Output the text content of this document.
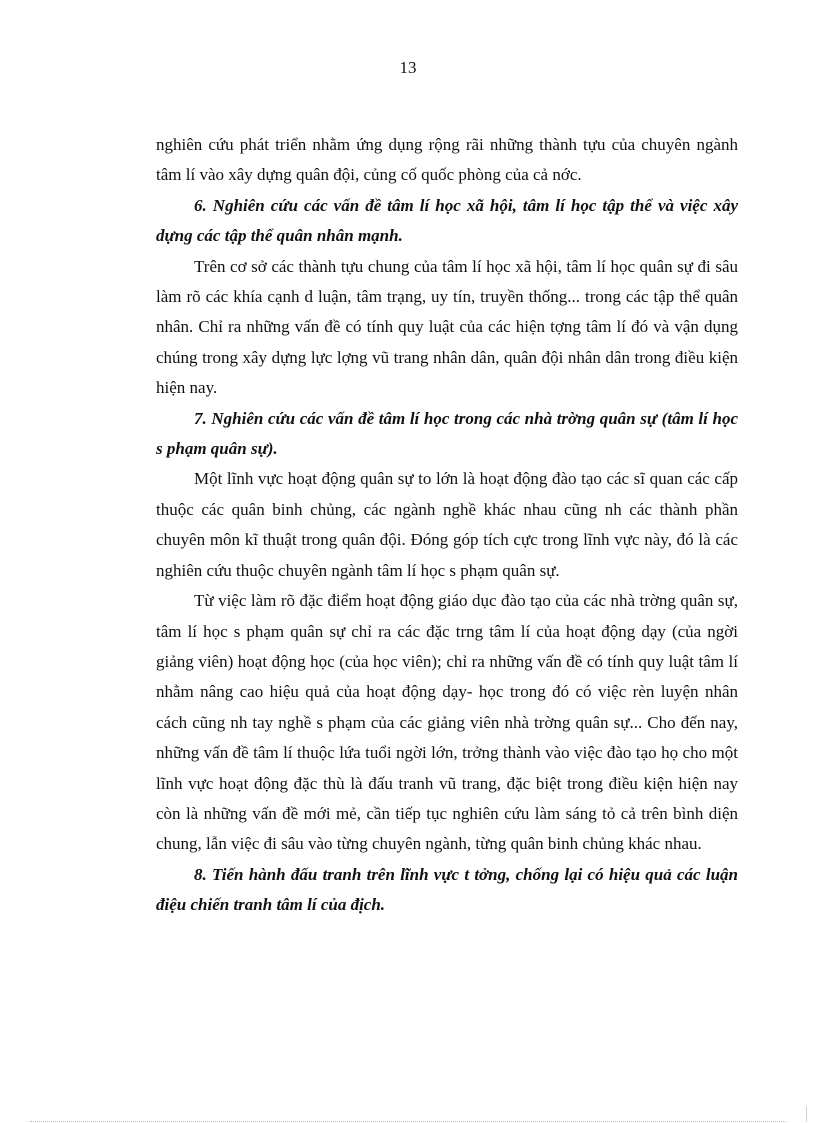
13

nghiên cứu phát triển nhằm ứng dụng rộng rãi những thành tựu của chuyên ngành tâm lí vào xây dựng quân đội, củng cố quốc phòng của cả nớc.

6. Nghiên cứu các vấn đề tâm lí học xã hội, tâm lí học tập thể và việc xây dựng các tập thể quân nhân mạnh.

Trên cơ sở các thành tựu chung của tâm lí học xã hội, tâm lí học quân sự đi sâu làm rõ các khía cạnh d luận, tâm trạng, uy tín, truyền thống... trong các tập thể quân nhân. Chỉ ra những vấn đề có tính quy luật của các hiện tợng tâm lí đó và vận dụng chúng trong xây dựng lực lợng vũ trang nhân dân, quân đội nhân dân trong điều kiện hiện nay.

7. Nghiên cứu các vấn đề tâm lí học trong các nhà trờng quân sự (tâm lí học s phạm quân sự).

Một lĩnh vực hoạt động quân sự to lớn là hoạt động đào tạo các sĩ quan các cấp thuộc các quân binh chủng, các ngành nghề khác nhau cũng nh các thành phần chuyên môn kĩ thuật trong quân đội. Đóng góp tích cực trong lĩnh vực này, đó là các nghiên cứu thuộc chuyên ngành tâm lí học s phạm quân sự.

Từ việc làm rõ đặc điểm hoạt động giáo dục đào tạo của các nhà trờng quân sự, tâm lí học s phạm quân sự chỉ ra các đặc trng tâm lí của hoạt động dạy (của ngời giảng viên) hoạt động học (của học viên); chỉ ra những vấn đề có tính quy luật tâm lí nhằm nâng cao hiệu quả của hoạt động dạy- học trong đó có việc rèn luyện nhân cách cũng nh tay nghề s phạm của các giảng viên nhà trờng quân sự... Cho đến nay, những vấn đề tâm lí thuộc lứa tuổi ngời lớn, trởng thành vào việc đào tạo họ cho một lĩnh vực hoạt động đặc thù là đấu tranh vũ trang, đặc biệt trong điều kiện hiện nay còn là những vấn đề mới mẻ, cần tiếp tục nghiên cứu làm sáng tỏ cả trên bình diện chung, lẫn việc đi sâu vào từng chuyên ngành, từng quân binh chủng khác nhau.

8. Tiến hành đấu tranh trên lĩnh vực t tởng, chống lại có hiệu quả các luận điệu chiến tranh tâm lí của địch.
